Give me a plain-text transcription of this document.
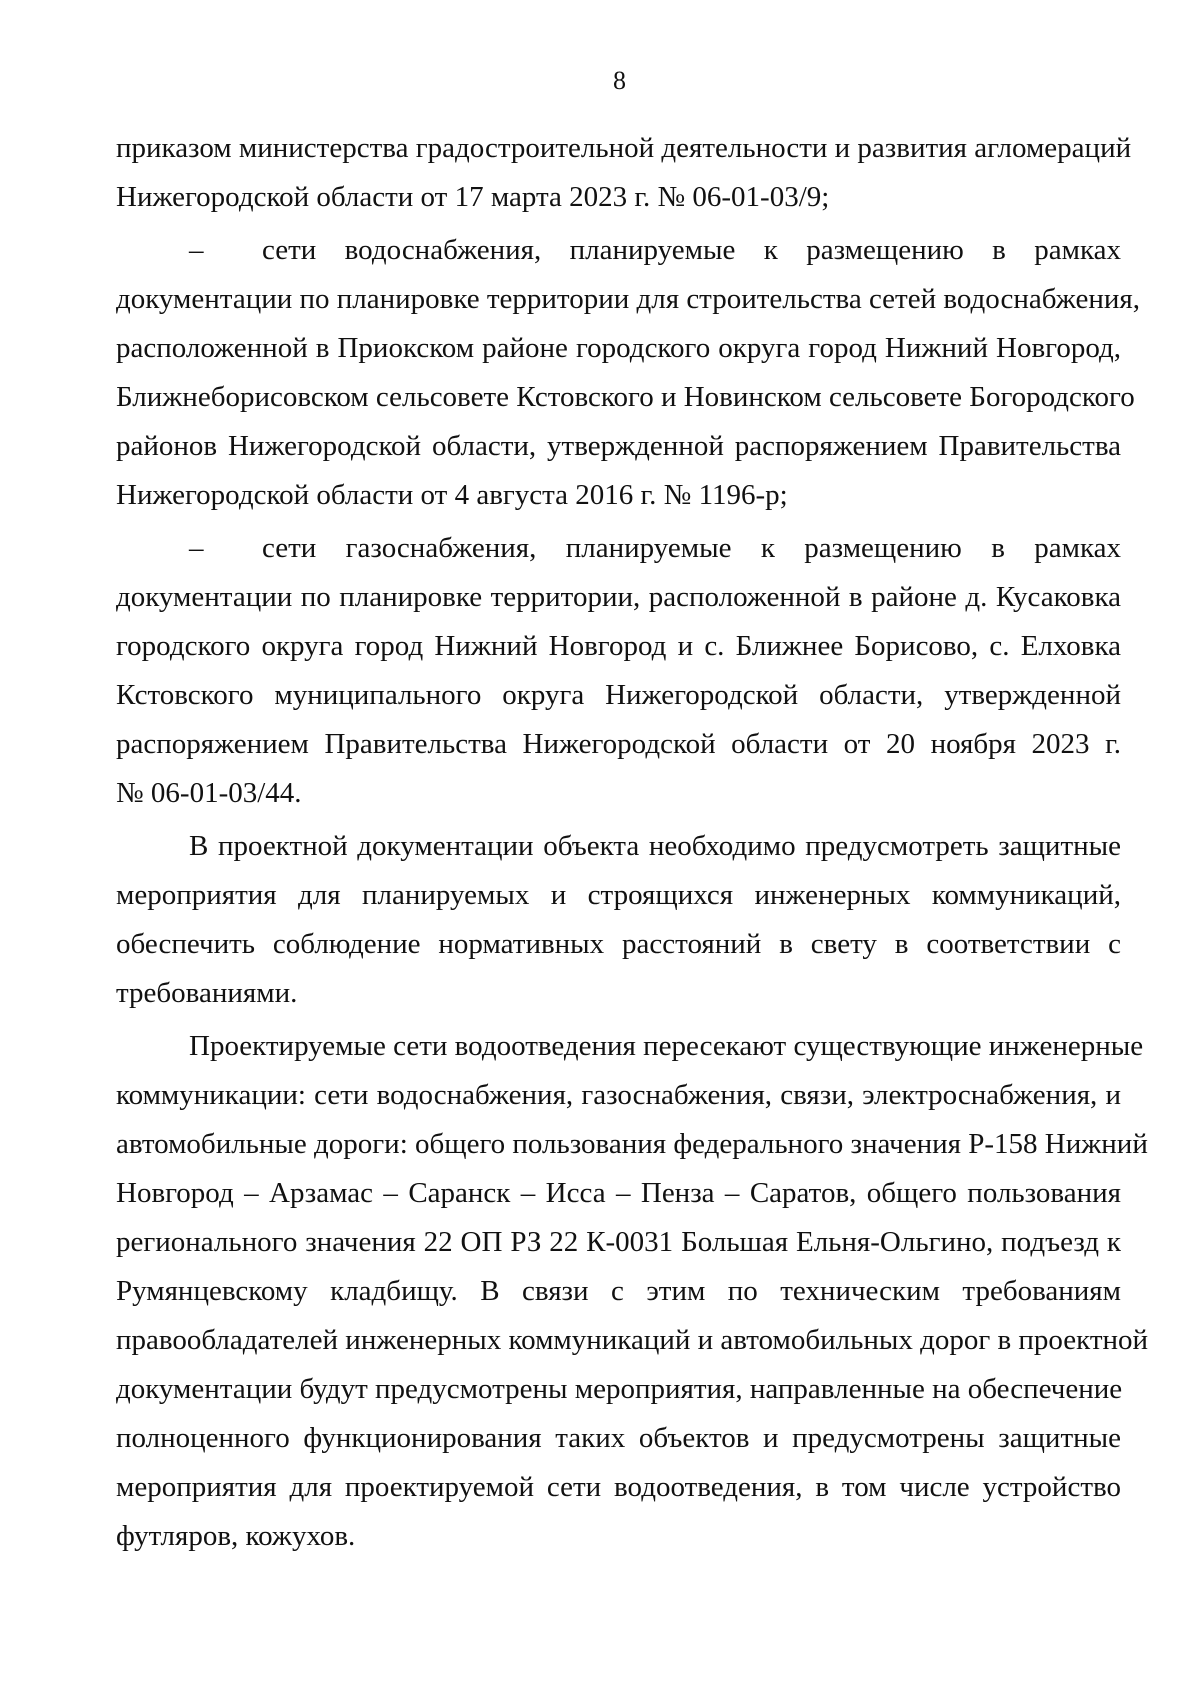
8
приказом министерства градостроительной деятельности и развития агломераций
Нижегородской области от 17 марта 2023 г. № 06-01-03/9;
– сети водоснабжения, планируемые к размещению в рамках
документации по планировке территории для строительства сетей водоснабжения,
расположенной в Приокском районе городского округа город Нижний Новгород,
Ближнеборисовском сельсовете Кстовского и Новинском сельсовете Богородского
районов Нижегородской области, утвержденной распоряжением Правительства
Нижегородской области от 4 августа 2016 г. № 1196-р;
– сети газоснабжения, планируемые к размещению в рамках
документации по планировке территории, расположенной в районе д. Кусаковка
городского округа город Нижний Новгород и с. Ближнее Борисово, с. Елховка
Кстовского муниципального округа Нижегородской области, утвержденной
распоряжением Правительства Нижегородской области от 20 ноября 2023 г.
№ 06-01-03/44.
В проектной документации объекта необходимо предусмотреть защитные
мероприятия для планируемых и строящихся инженерных коммуникаций,
обеспечить соблюдение нормативных расстояний в свету в соответствии с
требованиями.
Проектируемые сети водоотведения пересекают существующие инженерные
коммуникации: сети водоснабжения, газоснабжения, связи, электроснабжения, и
автомобильные дороги: общего пользования федерального значения Р-158 Нижний
Новгород – Арзамас – Саранск – Исса – Пенза – Саратов, общего пользования
регионального значения 22 ОП РЗ 22 К-0031 Большая Ельня-Ольгино, подъезд к
Румянцевскому кладбищу. В связи с этим по техническим требованиям
правообладателей инженерных коммуникаций и автомобильных дорог в проектной
документации будут предусмотрены мероприятия, направленные на обеспечение
полноценного функционирования таких объектов и предусмотрены защитные
мероприятия для проектируемой сети водоотведения, в том числе устройство
футляров, кожухов.
